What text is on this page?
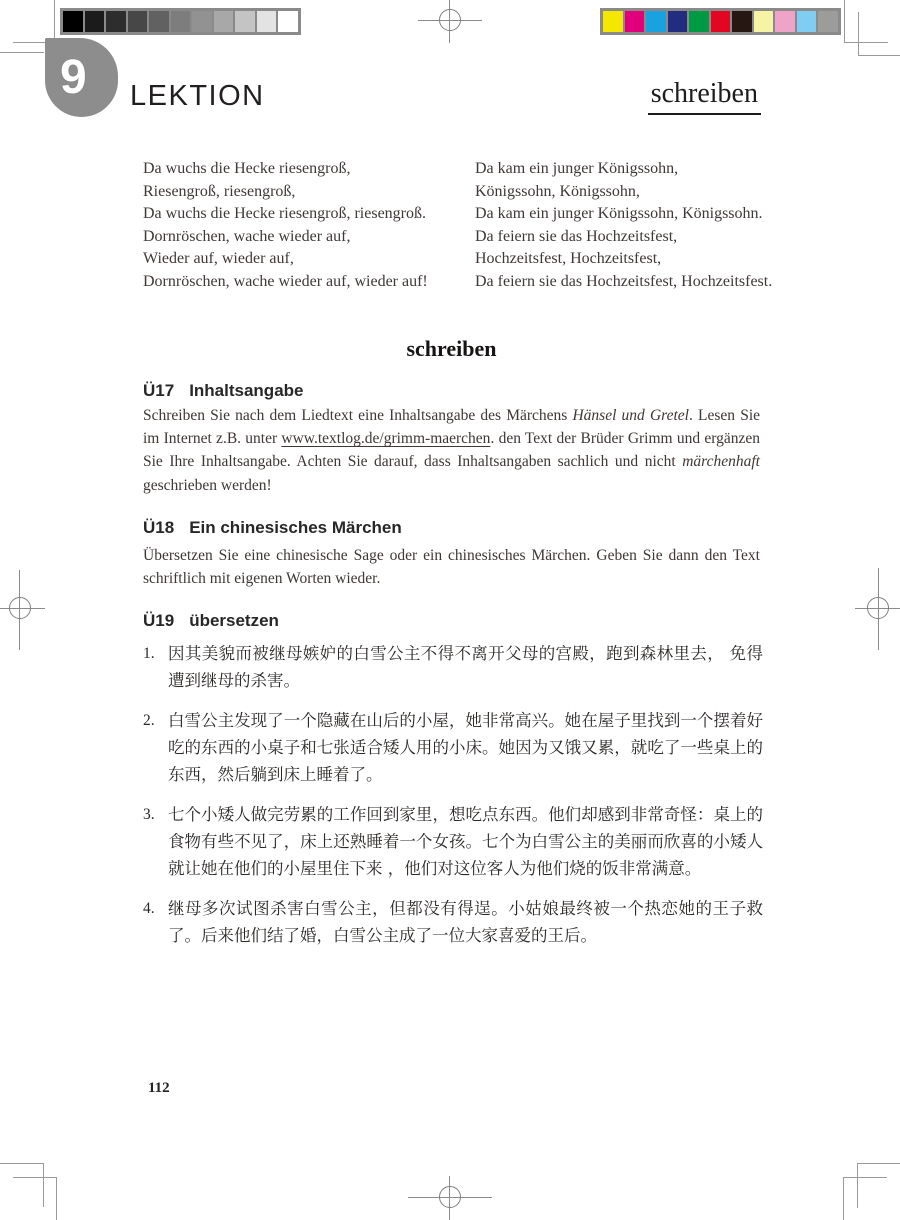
9 LEKTION	schreiben
Da wuchs die Hecke riesengroß,
Riesengroß, riesengroß,
Da wuchs die Hecke riesengroß, riesengroß.
Dornröschen, wache wieder auf,
Wieder auf, wieder auf,
Dornröschen, wache wieder auf, wieder auf!
Da kam ein junger Königssohn,
Königssohn, Königssohn,
Da kam ein junger Königssohn, Königssohn.
Da feiern sie das Hochzeitsfest,
Hochzeitsfest, Hochzeitsfest,
Da feiern sie das Hochzeitsfest, Hochzeitsfest.
schreiben
Ü17 Inhaltsangabe
Schreiben Sie nach dem Liedtext eine Inhaltsangabe des Märchens Hänsel und Gretel. Lesen Sie im Internet z.B. unter www.textlog.de/grimm-maerchen. den Text der Brüder Grimm und ergänzen Sie Ihre Inhaltsangabe. Achten Sie darauf, dass Inhaltsangaben sachlich und nicht märchenhaft geschrieben werden!
Ü18 Ein chinesisches Märchen
Übersetzen Sie eine chinesische Sage oder ein chinesisches Märchen. Geben Sie dann den Text schriftlich mit eigenen Worten wieder.
Ü19 übersetzen
1. 因其美貌而被继母嫉妒的白雪公主不得不离开父母的宫殿，跑到森林里去， 免得遭到继母的杀害。
2. 白雪公主发现了一个隐藏在山后的小屋，她非常高兴。她在屋子里找到一个摆着好吃的东西的小桌子和七张适合矮人用的小床。她因为又饿又累，就吃了一些桌上的东西，然后躺到床上睡着了。
3. 七个小矮人做完劳累的工作回到家里，想吃点东西。他们却感到非常奇怪：桌上的食物有些不见了，床上还熟睡着一个女孩。七个为白雪公主的美丽而欣喜的小矮人就让她在他们的小屋里住下来 ，他们对这位客人为他们烧的饭非常满意。
4. 继母多次试图杀害白雪公主，但都没有得逞。小姑娘最终被一个热恋她的王子救了。后来他们结了婚，白雪公主成了一位大家喜爱的王后。
112
